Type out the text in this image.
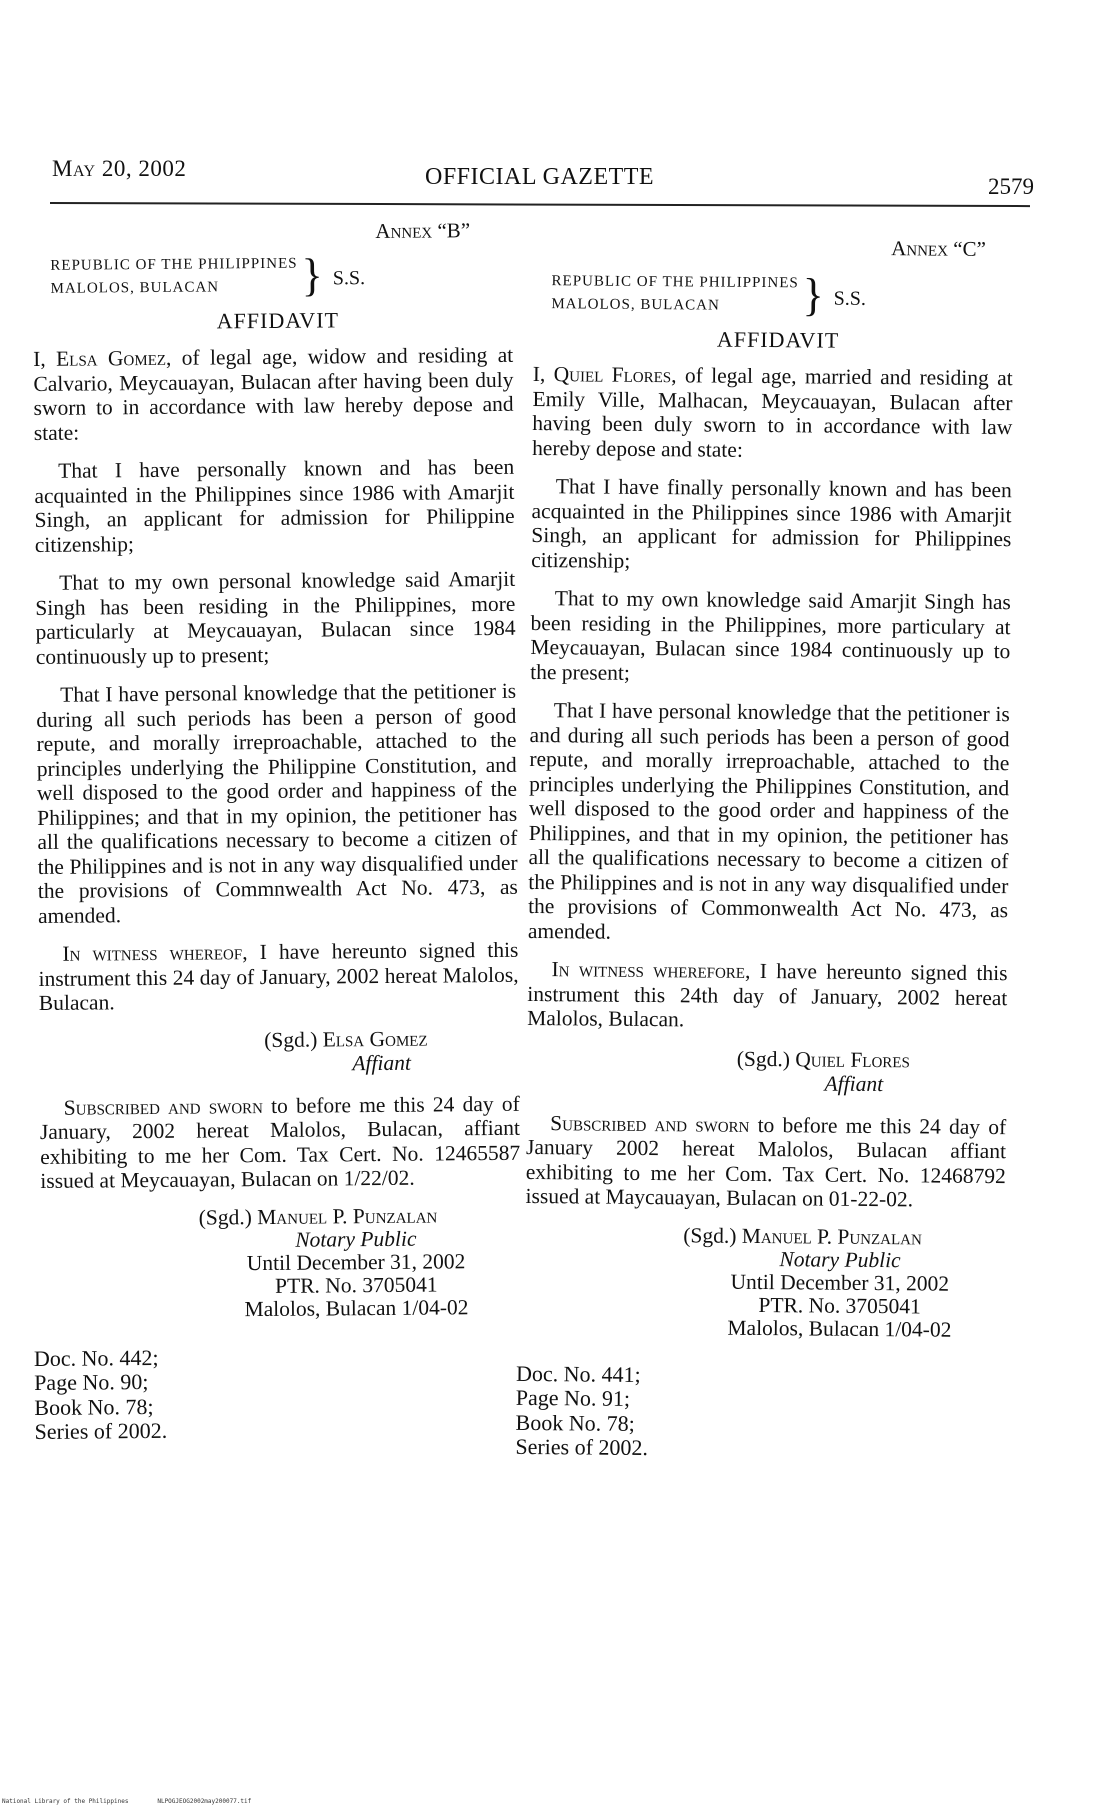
May 20, 2002	OFFICIAL GAZETTE	2579
Annex “B”
REPUBLIC OF THE PHILIPPINES
MALOLOS, BULACAN	} S.S.
AFFIDAVIT

I, Elsa Gomez, of legal age, widow and residing at Calvario, Meycauayan, Bulacan after having been duly sworn to in accordance with law hereby depose and state:

That I have personally known and has been acquainted in the Philippines since 1986 with Amarjit Singh, an applicant for admission for Philippine citizenship;

That to my own personal knowledge said Amarjit Singh has been residing in the Philippines, more particularly at Meycauayan, Bulacan since 1984 continuously up to present;

That I have personal knowledge that the petitioner is during all such periods has been a person of good repute, and morally irreproachable, attached to the principles underlying the Philippine Constitution, and well disposed to the good order and happiness of the Philippines; and that in my opinion, the petitioner has all the qualifications necessary to become a citizen of the Philippines and is not in any way disqualified under the provisions of Commnwealth Act No. 473, as amended.

In witness whereof, I have hereunto signed this instrument this 24 day of January, 2002 hereat Malolos, Bulacan.

(Sgd.) Elsa Gomez
Affiant

Subscribed and sworn to before me this 24 day of January, 2002 hereat Malolos, Bulacan, affiant exhibiting to me her Com. Tax Cert. No. 12465587 issued at Meycauayan, Bulacan on 1/22/02.

(Sgd.) Manuel P. Punzalan
Notary Public
Until December 31, 2002
PTR. No. 3705041
Malolos, Bulacan 1/04-02
Doc. No. 442;
Page No. 90;
Book No. 78;
Series of 2002.
Annex “C”
REPUBLIC OF THE PHILIPPINES
MALOLOS, BULACAN	} S.S.
AFFIDAVIT

I, Quiel Flores, of legal age, married and residing at Emily Ville, Malhacan, Meycauayan, Bulacan after having been duly sworn to in accordance with law hereby depose and state:

That I have finally personally known and has been acquainted in the Philippines since 1986 with Amarjit Singh, an applicant for admission for Philippines citizenship;

That to my own knowledge said Amarjit Singh has been residing in the Philippines, more particulary at Meycauayan, Bulacan since 1984 continuously up to the present;

That I have personal knowledge that the petitioner is and during all such periods has been a person of good repute, and morally irreproachable, attached to the principles underlying the Philippines Constitution, and well disposed to the good order and happiness of the Philippines, and that in my opinion, the petitioner has all the qualifications necessary to become a citizen of the Philippines and is not in any way disqualified under the provisions of Commonwealth Act No. 473, as amended.

In witness wherefore, I have hereunto signed this instrument this 24th day of January, 2002 hereat Malolos, Bulacan.

(Sgd.) Quiel Flores
Affiant

Subscribed and sworn to before me this 24 day of January 2002 hereat Malolos, Bulacan affiant exhibiting to me her Com. Tax Cert. No. 12468792 issued at Maycauayan, Bulacan on 01-22-02.

(Sgd.) Manuel P. Punzalan
Notary Public
Until December 31, 2002
PTR. No. 3705041
Malolos, Bulacan 1/04-02
Doc. No. 441;
Page No. 91;
Book No. 78;
Series of 2002.
National Library of the Philippines	NLPOGJEOG2002may200077.tif
